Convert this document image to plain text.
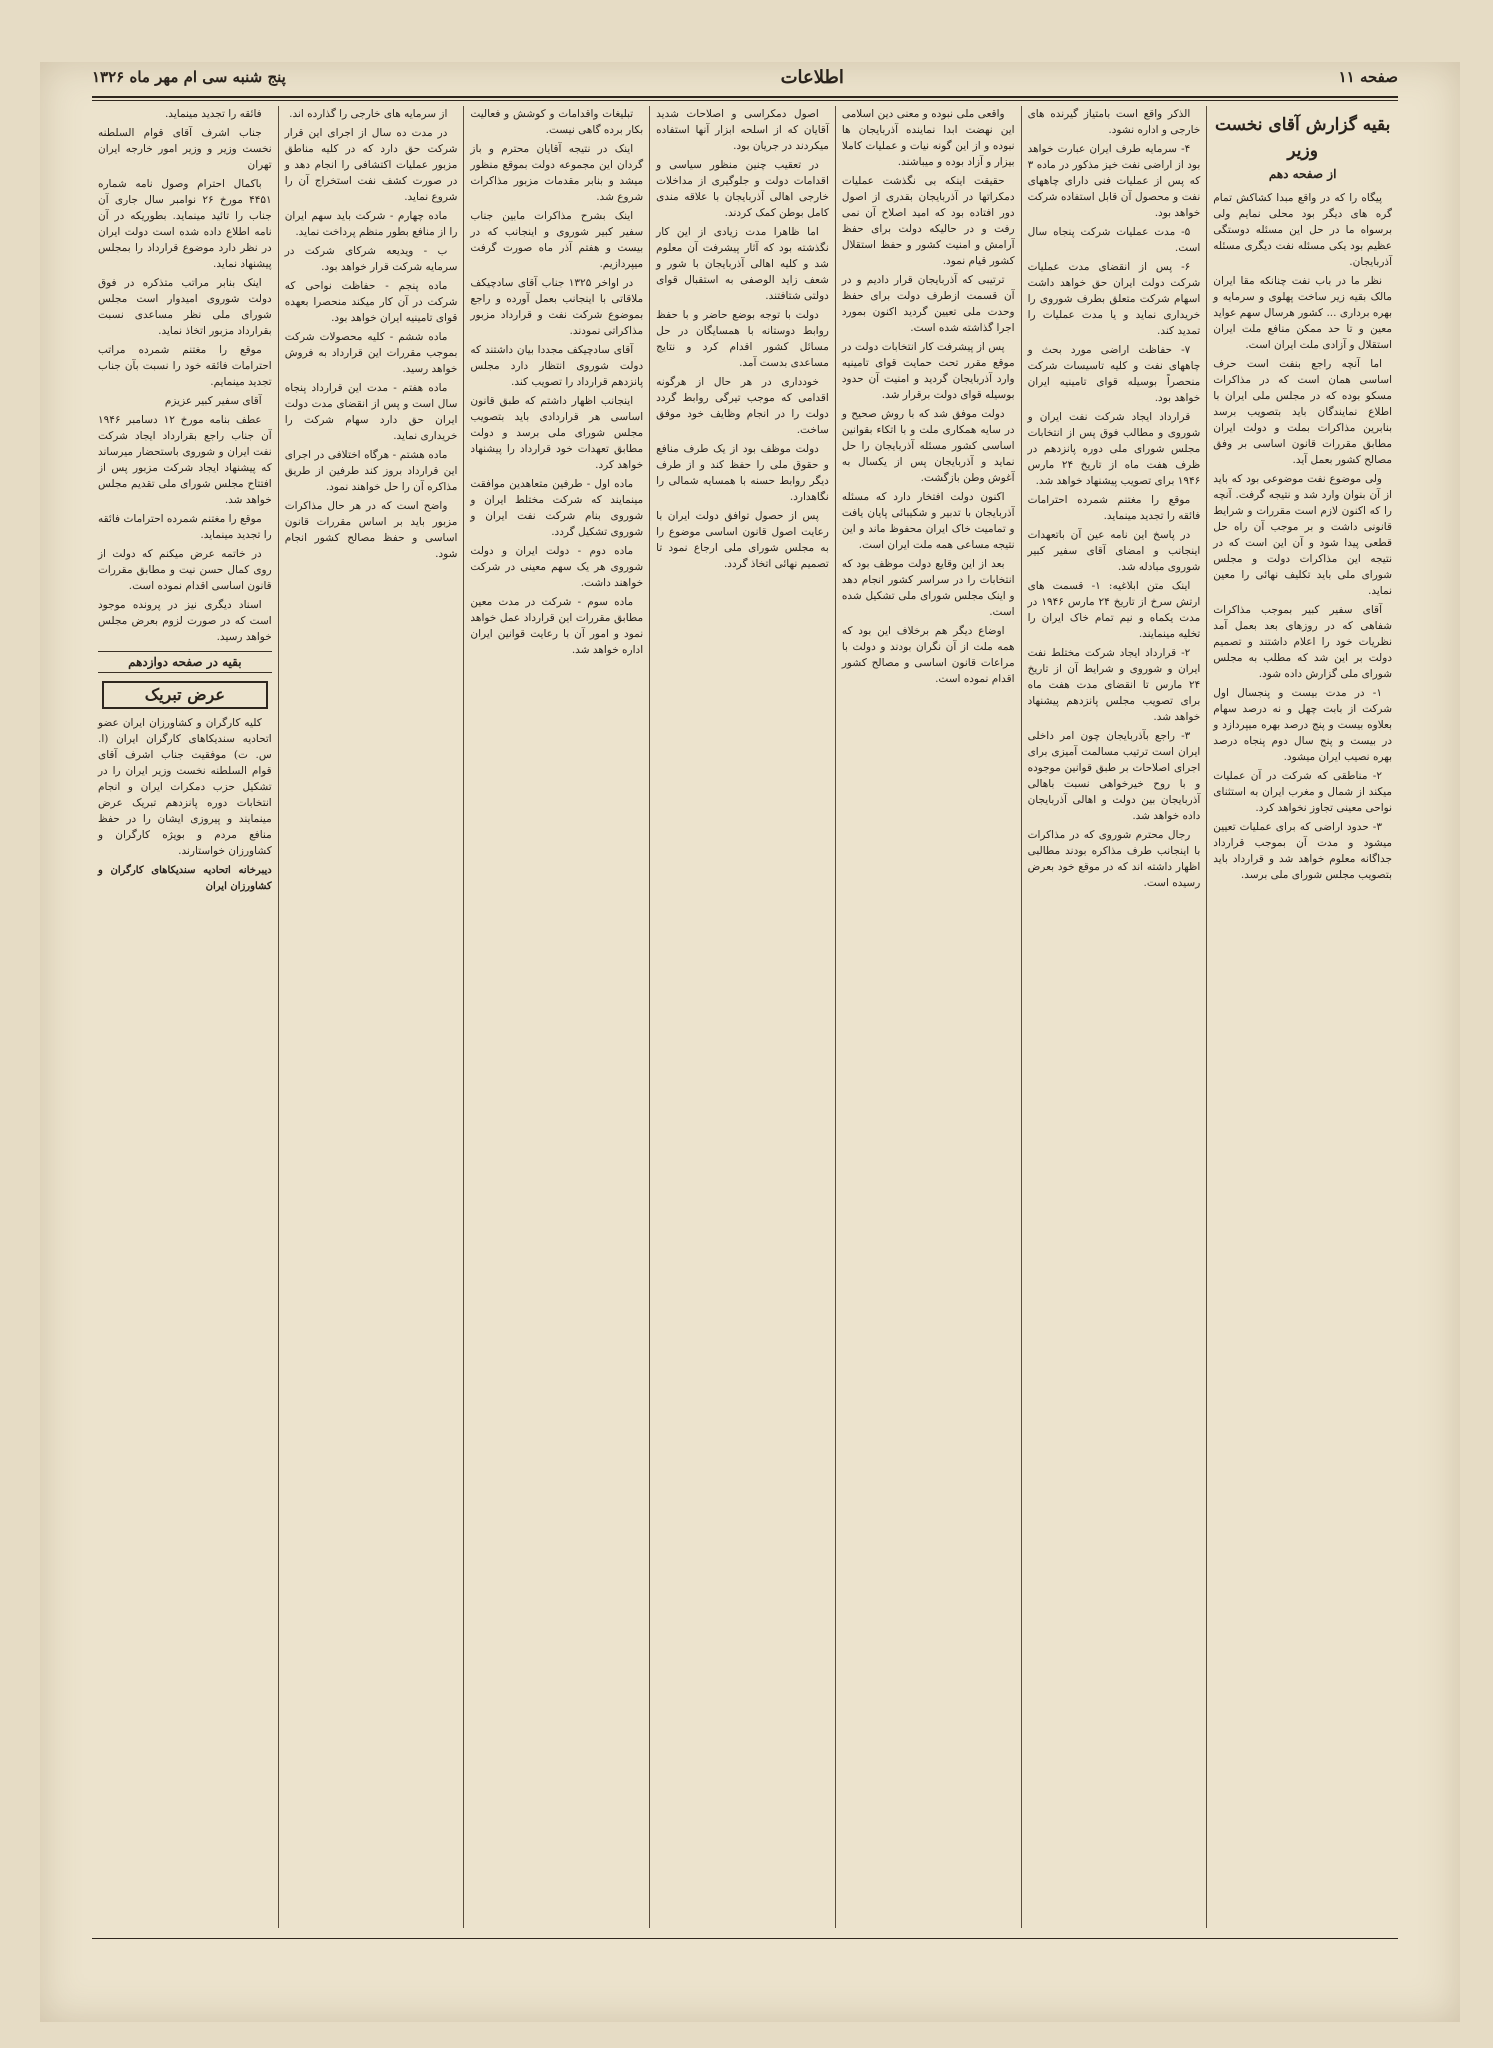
صفحه ۱۱
اطلاعات
پنج شنبه سی ام مهر ماه ۱۳۲۶
بقیه گزارش آقای نخست وزیر
از صفحه دهم

پیگاه را که در واقع مبدا کشاکش تمام گره های دیگر بود محلی نمایم ولی برسواه ما در حل این مسئله دوستگی عظیم بود یکی مسئله نفت دیگری مسئله آذربایجان.

نظر ما در باب نفت چنانکه مقا ایران مالک بقیه زیر ساخت پهلوی و سرمایه و بهره برداری ... کشور هرسال سهم عواید معین و تا حد ممکن منافع ملت ایران استقلال و آزادی ملت ایران است.

اما آنچه راجع بنفت است حرف اساسی همان است که در مذاکرات مسکو بوده که در مجلس ملی ایران با اطلاع نمایندگان باید بتصویب برسد بنابرین مذاکرات بملت و دولت ایران مطابق مقررات قانون اساسی بر وفق مصالح کشور بعمل آید.

ولی موضوع نفت موضوعی بود که باید از آن بنوان وارد شد و نتیجه گرفت. آنچه را که اکنون لازم است مقررات و شرایط قانونی داشت و بر موجب آن راه حل قطعی پیدا شود و آن این است که در نتیجه این مذاکرات دولت و مجلس شورای ملی باید تکلیف نهائی را معین نماید.

آقای سفیر کبیر بموجب مذاکرات شفاهی که در روزهای بعد بعمل آمد نظریات خود را اعلام داشتند و تصمیم دولت بر این شد که مطلب به مجلس شورای ملی گزارش داده شود.

۱- در مدت بیست و پنجسال اول شرکت از بابت چهل و نه درصد سهام بعلاوه بیست و پنج درصد بهره میپردازد و در بیست و پنج سال دوم پنجاه درصد بهره نصیب ایران میشود.

۲- مناطقی که شرکت در آن عملیات میکند از شمال و مغرب ایران به استثنای نواحی معینی تجاوز نخواهد کرد.

۳- حدود اراضی که برای عملیات تعیین میشود و مدت آن بموجب قرارداد جداگانه معلوم خواهد شد و قرارداد باید بتصویب مجلس شورای ملی برسد.

الذکر واقع است بامتیاز گیرنده های خارجی و اداره نشود.

۴- سرمایه طرف ایران عبارت خواهد بود از اراضی نفت خیز مذکور در ماده ۳ که پس از عملیات فنی دارای چاههای نفت و محصول آن قابل استفاده شرکت خواهد بود.

۵- مدت عملیات شرکت پنجاه سال است.

۶- پس از انقضای مدت عملیات شرکت دولت ایران حق خواهد داشت اسهام شرکت متعلق بطرف شوروی را خریداری نماید و یا مدت عملیات را تمدید کند.

۷- حفاظت اراضی مورد بحث و چاههای نفت و کلیه تاسیسات شرکت منحصراً بوسیله قوای تامینیه ایران خواهد بود.

قرارداد ایجاد شرکت نفت ایران و شوروی و مطالب فوق پس از انتخابات مجلس شورای ملی دوره پانزدهم در ظرف هفت ماه از تاریخ ۲۴ مارس ۱۹۴۶ برای تصویب پیشنهاد خواهد شد.

موقع را مغتنم شمرده احترامات فائقه را تجدید مینماید.

در پاسخ این نامه عین آن باتعهدات اینجانب و امضای آقای سفیر کبیر شوروی مبادله شد.

اینک متن ابلاغیه: ۱- قسمت های ارتش سرخ از تاریخ ۲۴ مارس ۱۹۴۶ در مدت یکماه و نیم تمام خاک ایران را تخلیه مینمایند.

۲- قرارداد ایجاد شرکت مختلط نفت ایران و شوروی و شرایط آن از تاریخ ۲۴ مارس تا انقضای مدت هفت ماه برای تصویب مجلس پانزدهم پیشنهاد خواهد شد.

۳- راجع بآذربایجان چون امر داخلی ایران است ترتیب مسالمت آمیزی برای اجرای اصلاحات بر طبق قوانین موجوده و با روح خیرخواهی نسبت باهالی آذربایجان بین دولت و اهالی آذربایجان داده خواهد شد.

رجال محترم شوروی که در مذاکرات با اینجانب طرف مذاکره بودند مطالبی اظهار داشته اند که در موقع خود بعرض رسیده است.

واقعی ملی نبوده و معنی دین اسلامی این نهضت ابدا نماینده آذربایجان ها نبوده و از این گونه نیات و عملیات کاملا بیزار و آزاد بوده و میباشند.

حقیقت اینکه بی نگذشت عملیات دمکراتها در آذربایجان بقدری از اصول دور افتاده بود که امید اصلاح آن نمی رفت و در حالیکه دولت برای حفظ آرامش و امنیت کشور و حفظ استقلال کشور قیام نمود.

ترتیبی که آذربایجان قرار دادیم و در آن قسمت ازطرف دولت برای حفظ وحدت ملی تعیین گردید اکنون بمورد اجرا گذاشته شده است.

پس از پیشرفت کار انتخابات دولت در موقع مقرر تحت حمایت قوای تامینیه وارد آذربایجان گردید و امنیت آن حدود بوسیله قوای دولت برقرار شد.

دولت موفق شد که با روش صحیح و در سایه همکاری ملت و با اتکاء بقوانین اساسی کشور مسئله آذربایجان را حل نماید و آذربایجان پس از یکسال به آغوش وطن بازگشت.

اکنون دولت افتخار دارد که مسئله آذربایجان با تدبیر و شکیبائی پایان یافت و تمامیت خاک ایران محفوظ ماند و این نتیجه مساعی همه ملت ایران است.

بعد از این وقایع دولت موظف بود که انتخابات را در سراسر کشور انجام دهد و اینک مجلس شورای ملی تشکیل شده است.

اوضاع دیگر هم برخلاف این بود که همه ملت از آن نگران بودند و دولت با مراعات قانون اساسی و مصالح کشور اقدام نموده است.

اصول دمکراسی و اصلاحات شدید آقایان که از اسلحه ابزار آنها استفاده میکردند در جریان بود.

در تعقیب چنین منظور سیاسی و اقدامات دولت و جلوگیری از مداخلات خارجی اهالی آذربایجان با علاقه مندی کامل بوطن کمک کردند.

اما ظاهرا مدت زیادی از این کار نگذشته بود که آثار پیشرفت آن معلوم شد و کلیه اهالی آذربایجان با شور و شعف زاید الوصفی به استقبال قوای دولتی شتافتند.

دولت با توجه بوضع حاضر و با حفظ روابط دوستانه با همسایگان در حل مسائل کشور اقدام کرد و نتایج مساعدی بدست آمد.

خودداری در هر حال از هرگونه اقدامی که موجب تیرگی روابط گردد دولت را در انجام وظایف خود موفق ساخت.

دولت موظف بود از یک طرف منافع و حقوق ملی را حفظ کند و از طرف دیگر روابط حسنه با همسایه شمالی را نگاهدارد.

پس از حصول توافق دولت ایران با رعایت اصول قانون اساسی موضوع را به مجلس شورای ملی ارجاع نمود تا تصمیم نهائی اتخاذ گردد.

تبلیغات واقدامات و کوشش و فعالیت بکار برده گاهی نیست.

اینک در نتیجه آقایان محترم و باز گردان این مجموعه دولت بموقع منظور میشد و بنابر مقدمات مزبور مذاکرات شروع شد.

اینک بشرح مذاکرات مابین جناب سفیر کبیر شوروی و اینجانب که در بیست و هفتم آذر ماه صورت گرفت میپردازیم.

در اواخر ۱۳۲۵ جناب آقای سادچیکف ملاقاتی با اینجانب بعمل آورده و راجع بموضوع شرکت نفت و قرارداد مزبور مذاکراتی نمودند.

آقای سادچیکف مجددا بیان داشتند که دولت شوروی انتظار دارد مجلس پانزدهم قرارداد را تصویب کند.

اینجانب اظهار داشتم که طبق قانون اساسی هر قراردادی باید بتصویب مجلس شورای ملی برسد و دولت مطابق تعهدات خود قرارداد را پیشنهاد خواهد کرد.

ماده اول - طرفین متعاهدین موافقت مینمایند که شرکت مختلط ایران و شوروی بنام شرکت نفت ایران و شوروی تشکیل گردد.

ماده دوم - دولت ایران و دولت شوروی هر یک سهم معینی در شرکت خواهند داشت.

ماده سوم - شرکت در مدت معین مطابق مقررات این قرارداد عمل خواهد نمود و امور آن با رعایت قوانین ایران اداره خواهد شد.

از سرمایه های خارجی را گذارده اند.

در مدت ده سال از اجرای این قرار شرکت حق دارد که در کلیه مناطق مزبور عملیات اکتشافی را انجام دهد و در صورت کشف نفت استخراج آن را شروع نماید.

ماده چهارم - شرکت باید سهم ایران را از منافع بطور منظم پرداخت نماید.

ب - ویدیعه شرکای شرکت در سرمایه شرکت قرار خواهد بود.

ماده پنجم - حفاظت نواحی که شرکت در آن کار میکند منحصرا بعهده قوای تامینیه ایران خواهد بود.

ماده ششم - کلیه محصولات شرکت بموجب مقررات این قرارداد به فروش خواهد رسید.

ماده هفتم - مدت این قرارداد پنجاه سال است و پس از انقضای مدت دولت ایران حق دارد سهام شرکت را خریداری نماید.

ماده هشتم - هرگاه اختلافی در اجرای این قرارداد بروز کند طرفین از طریق مذاکره آن را حل خواهند نمود.

واضح است که در هر حال مذاکرات مزبور باید بر اساس مقررات قانون اساسی و حفظ مصالح کشور انجام شود.

فائقه را تجدید مینماید.

جناب اشرف آقای قوام السلطنه نخست وزیر و وزیر امور خارجه ایران تهران

باکمال احترام وصول نامه شماره ۴۴۵۱ مورخ ۲۶ نوامبر سال جاری آن جناب را تائید مینماید. بطوریکه در آن نامه اطلاع داده شده است دولت ایران در نظر دارد موضوع قرارداد را بمجلس پیشنهاد نماید.

اینک بنابر مراتب متذکره در فوق دولت شوروی امیدوار است مجلس شورای ملی نظر مساعدی نسبت بقرارداد مزبور اتخاذ نماید.

موقع را مغتنم شمرده مراتب احترامات فائقه خود را نسبت بآن جناب تجدید مینمایم.

آقای سفیر کبیر عزیزم

عطف بنامه مورخ ۱۲ دسامبر ۱۹۴۶ آن جناب راجع بقرارداد ایجاد شرکت نفت ایران و شوروی باستحضار میرساند که پیشنهاد ایجاد شرکت مزبور پس از افتتاح مجلس شورای ملی تقدیم مجلس خواهد شد.

موقع را مغتنم شمرده احترامات فائقه را تجدید مینماید.

در خاتمه عرض میکنم که دولت از روی کمال حسن نیت و مطابق مقررات قانون اساسی اقدام نموده است.

اسناد دیگری نیز در پرونده موجود است که در صورت لزوم بعرض مجلس خواهد رسید.

بقیه در صفحه دوازدهم
عرض تبریک

کلیه کارگران و کشاورزان ایران عضو اتحادیه سندیکاهای کارگران ایران (ا. س. ت) موفقیت جناب اشرف آقای قوام السلطنه نخست وزیر ایران را در تشکیل حزب دمکرات ایران و انجام انتخابات دوره پانزدهم تبریک عرض مینمایند و پیروزی ایشان را در حفظ منافع مردم و بویژه کارگران و کشاورزان خواستارند.

دیبرخانه اتحادیه سندیکاهای کارگران و کشاورزان ایران
